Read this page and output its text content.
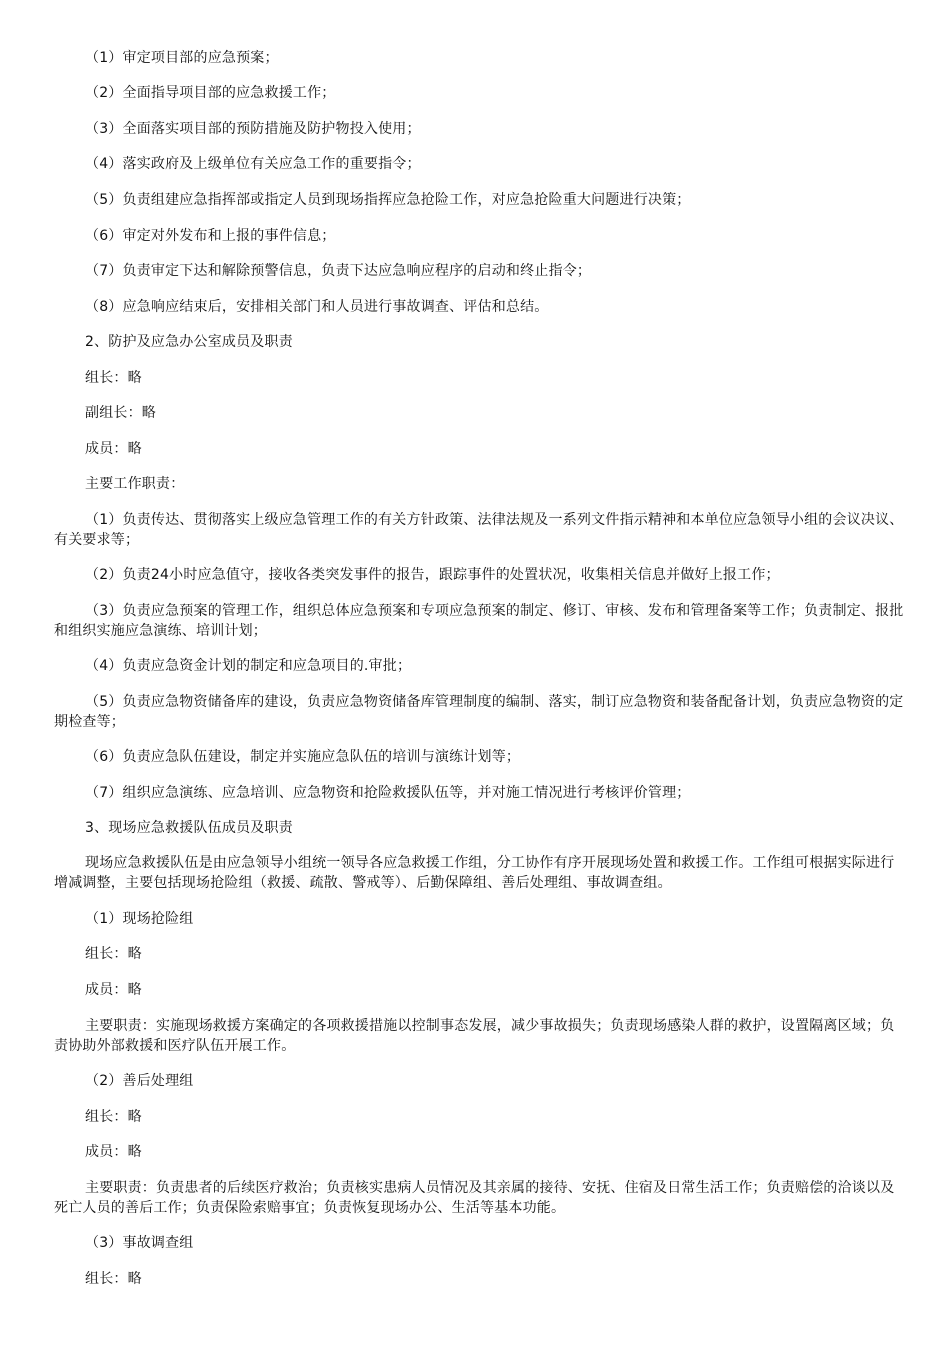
（1）审定项目部的应急预案；

（2）全面指导项目部的应急救援工作；

（3）全面落实项目部的预防措施及防护物投入使用；

（4）落实政府及上级单位有关应急工作的重要指令；

（5）负责组建应急指挥部或指定人员到现场指挥应急抢险工作，对应急抢险重大问题进行决策；

（6）审定对外发布和上报的事件信息；

（7）负责审定下达和解除预警信息，负责下达应急响应程序的启动和终止指令；

（8）应急响应结束后，安排相关部门和人员进行事故调查、评估和总结。

2、防护及应急办公室成员及职责

组长：略

副组长：略

成员：略

主要工作职责：

（1）负责传达、贯彻落实上级应急管理工作的有关方针政策、法律法规及一系列文件指示精神和本单位应急领导小组的会议决议、有关要求等；

（2）负责24小时应急值守，接收各类突发事件的报告，跟踪事件的处置状况，收集相关信息并做好上报工作；

（3）负责应急预案的管理工作，组织总体应急预案和专项应急预案的制定、修订、审核、发布和管理备案等工作；负责制定、报批和组织实施应急演练、培训计划；

（4）负责应急资金计划的制定和应急项目的.审批；

（5）负责应急物资储备库的建设，负责应急物资储备库管理制度的编制、落实，制订应急物资和装备配备计划，负责应急物资的定期检查等；

（6）负责应急队伍建设，制定并实施应急队伍的培训与演练计划等；

（7）组织应急演练、应急培训、应急物资和抢险救援队伍等，并对施工情况进行考核评价管理；

3、现场应急救援队伍成员及职责

现场应急救援队伍是由应急领导小组统一领导各应急救援工作组，分工协作有序开展现场处置和救援工作。工作组可根据实际进行增减调整，主要包括现场抢险组（救援、疏散、警戒等）、后勤保障组、善后处理组、事故调查组。

（1）现场抢险组

组长：略

成员：略

主要职责：实施现场救援方案确定的各项救援措施以控制事态发展，减少事故损失；负责现场感染人群的救护，设置隔离区域；负责协助外部救援和医疗队伍开展工作。

（2）善后处理组

组长：略

成员：略

主要职责：负责患者的后续医疗救治；负责核实患病人员情况及其亲属的接待、安抚、住宿及日常生活工作；负责赔偿的洽谈以及死亡人员的善后工作；负责保险索赔事宜；负责恢复现场办公、生活等基本功能。

（3）事故调查组

组长：略
